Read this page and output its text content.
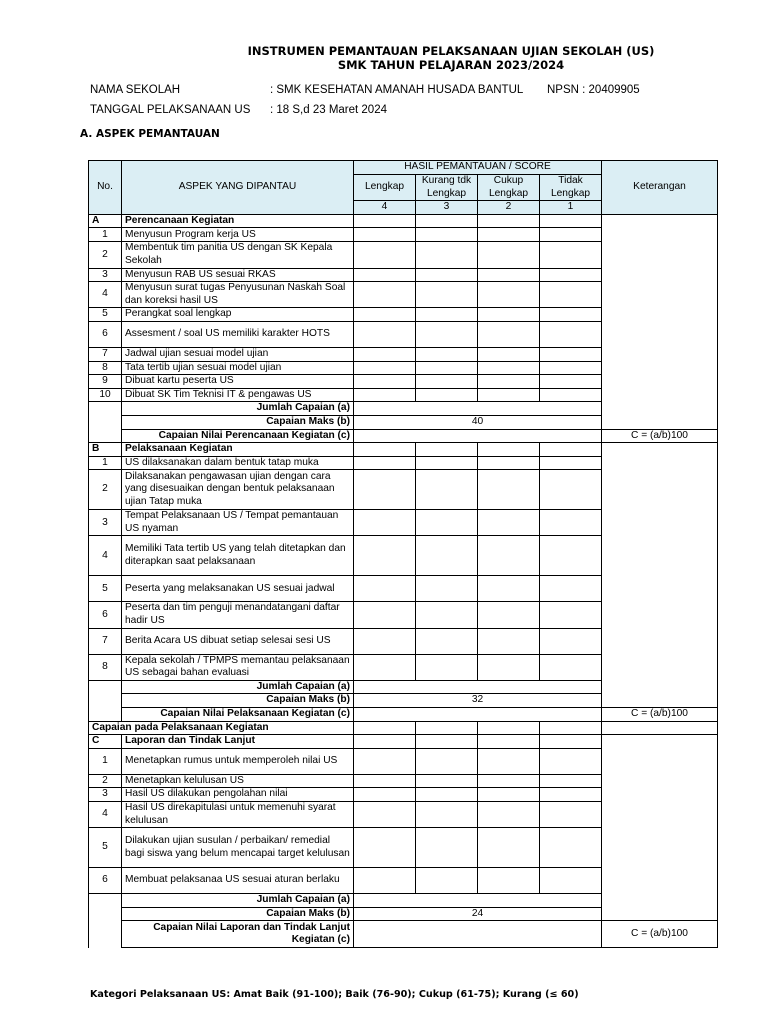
INSTRUMEN PEMANTAUAN PELAKSANAAN UJIAN SEKOLAH (US)
SMK TAHUN PELAJARAN 2023/2024
NAMA SEKOLAH	: SMK KESEHATAN AMANAH HUSADA BANTUL NPSN : 20409905
TANGGAL PELAKSANAAN US : 18 S,d 23 Maret 2024
A. ASPEK PEMANTAUAN
No.	ASPEK YANG DIPANTAU	HASIL PEMANTAUAN / SCORE				Keterangan
		Lengkap	Kurang tdk Lengkap	Cukup Lengkap	Tidak Lengkap	
		4	3	2	1	
A	Perencanaan Kegiatan					
1	Menyusun Program kerja US					
2	Membentuk tim panitia US dengan SK Kepala Sekolah					
3	Menyusun RAB US sesuai RKAS					
4	Menyusun surat tugas Penyusunan Naskah Soal dan koreksi hasil US					
5	Perangkat soal lengkap					
6	Assesment / soal US memiliki karakter HOTS					
7	Jadwal ujian sesuai model ujian					
8	Tata tertib ujian sesuai model ujian					
9	Dibuat kartu peserta US					
10	Dibuat SK Tim Teknisi IT & pengawas US					
	Jumlah Capaian (a)					
	Capaian Maks (b)	40				
	Capaian Nilai Perencanaan Kegiatan (c)					C = (a/b)100
B	Pelaksanaan Kegiatan					
1	US dilaksanakan dalam bentuk tatap muka					
2	Dilaksanakan pengawasan ujian dengan cara yang disesuaikan dengan bentuk pelaksanaan ujian Tatap muka					
3	Tempat Pelaksanaan US / Tempat pemantauan US nyaman					
4	Memiliki Tata tertib US yang telah ditetapkan dan diterapkan saat pelaksanaan					
5	Peserta yang melaksanakan US sesuai jadwal					
6	Peserta dan tim penguji menandatangani daftar hadir US					
7	Berita Acara US dibuat setiap selesai sesi US					
8	Kepala sekolah / TPMPS memantau pelaksanaan US sebagai bahan evaluasi					
	Jumlah Capaian (a)					
	Capaian Maks (b)	32				
	Capaian Nilai Pelaksanaan Kegiatan (c)					C = (a/b)100
Capaian pada Pelaksanaan Kegiatan						
C	Laporan dan Tindak Lanjut					
1	Menetapkan rumus untuk memperoleh nilai US					
2	Menetapkan kelulusan US					
3	Hasil US dilakukan pengolahan nilai					
4	Hasil US direkapitulasi untuk memenuhi syarat kelulusan					
5	Dilakukan ujian susulan / perbaikan/ remedial bagi siswa yang belum mencapai target kelulusan					
6	Membuat pelaksanaa US sesuai aturan berlaku					
	Jumlah Capaian (a)					
	Capaian Maks (b)	24				
	Capaian Nilai Laporan dan Tindak Lanjut Kegiatan (c)					C = (a/b)100
Kategori Pelaksanaan US: Amat Baik (91-100); Baik (76-90); Cukup (61-75); Kurang (≤ 60)
